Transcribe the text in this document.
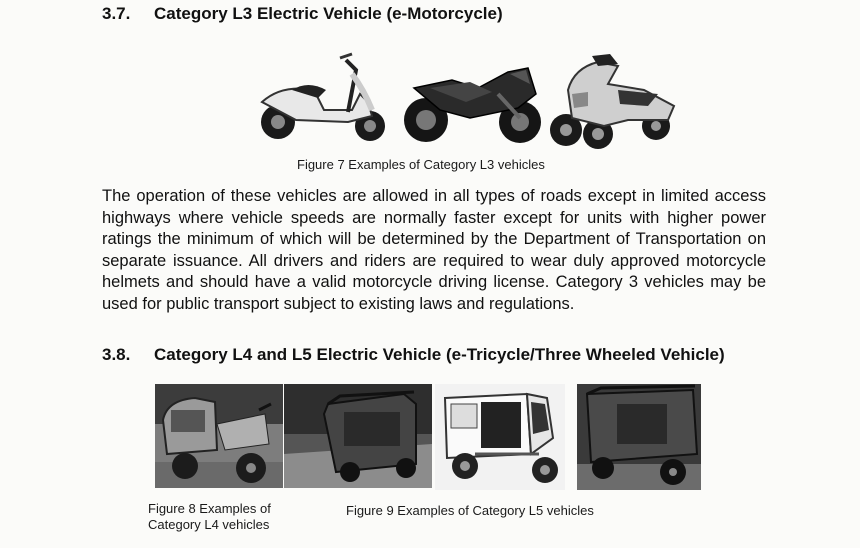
3.7. Category L3 Electric Vehicle (e-Motorcycle)
Figure 7 Examples of Category L3 vehicles
The operation of these vehicles are allowed in all types of roads except in limited access highways where vehicle speeds are normally faster except for units with higher power ratings the minimum of which will be determined by the Department of Transportation on separate issuance. All drivers and riders are required to wear duly approved motorcycle helmets and should have a valid motorcycle driving license. Category 3 vehicles may be used for public transport subject to existing laws and regulations.
3.8. Category L4 and L5 Electric Vehicle (e-Tricycle/Three Wheeled Vehicle)
Figure 8 Examples of
Category L4 vehicles
Figure 9 Examples of Category L5 vehicles
